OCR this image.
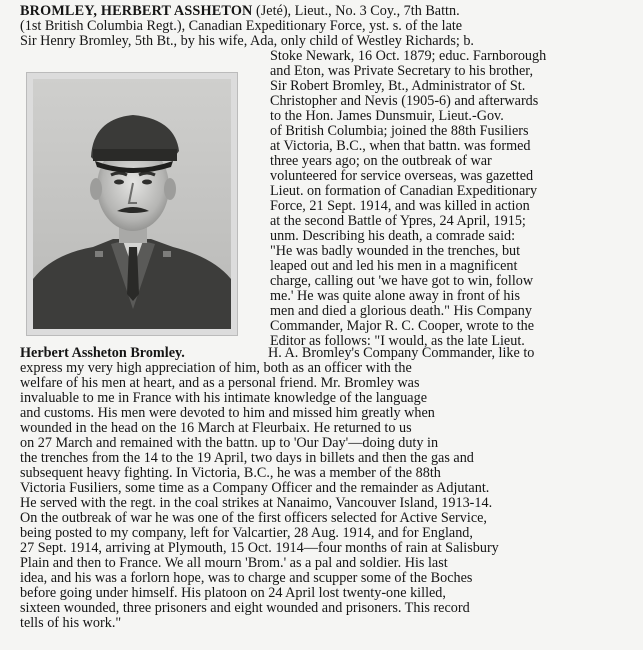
BROMLEY, HERBERT ASSHETON (Jeté), Lieut., No. 3 Coy., 7th Battn.
(1st British Columbia Regt.), Canadian Expeditionary Force, yst. s. of the late
Sir Henry Bromley, 5th Bt., by his wife, Ada, only child of Westley Richards; b.
Stoke Newark, 16 Oct. 1879; educ. Farnborough
and Eton, was Private Secretary to his brother,
Sir Robert Bromley, Bt., Administrator of St.
Christopher and Nevis (1905-6) and afterwards
to the Hon. James Dunsmuir, Lieut.-Gov.
of British Columbia; joined the 88th Fusiliers
at Victoria, B.C., when that battn. was formed
three years ago; on the outbreak of war
volunteered for service overseas, was gazetted
Lieut. on formation of Canadian Expeditionary
Force, 21 Sept. 1914, and was killed in action
at the second Battle of Ypres, 24 April, 1915;
unm. Describing his death, a comrade said:
"He was badly wounded in the trenches, but
leaped out and led his men in a magnificent
charge, calling out 'we have got to win, follow
me.' He was quite alone away in front of his
men and died a glorious death." His Company
Commander, Major R. C. Cooper, wrote to the
Editor as follows: "I would, as the late Lieut.
Herbert Assheton Bromley.	H. A. Bromley's Company Commander, like to
express my very high appreciation of him, both as an officer with the
welfare of his men at heart, and as a personal friend. Mr. Bromley was
invaluable to me in France with his intimate knowledge of the language
and customs. His men were devoted to him and missed him greatly when
wounded in the head on the 16 March at Fleurbaix. He returned to us
on 27 March and remained with the battn. up to 'Our Day'—doing duty in
the trenches from the 14 to the 19 April, two days in billets and then the gas and
subsequent heavy fighting. In Victoria, B.C., he was a member of the 88th
Victoria Fusiliers, some time as a Company Officer and the remainder as Adjutant.
He served with the regt. in the coal strikes at Nanaimo, Vancouver Island, 1913-14.
On the outbreak of war he was one of the first officers selected for Active Service,
being posted to my company, left for Valcartier, 28 Aug. 1914, and for England,
27 Sept. 1914, arriving at Plymouth, 15 Oct. 1914—four months of rain at Salisbury
Plain and then to France. We all mourn 'Brom.' as a pal and soldier. His last
idea, and his was a forlorn hope, was to charge and scupper some of the Boches
before going under himself. His platoon on 24 April lost twenty-one killed,
sixteen wounded, three prisoners and eight wounded and prisoners. This record
tells of his work."
